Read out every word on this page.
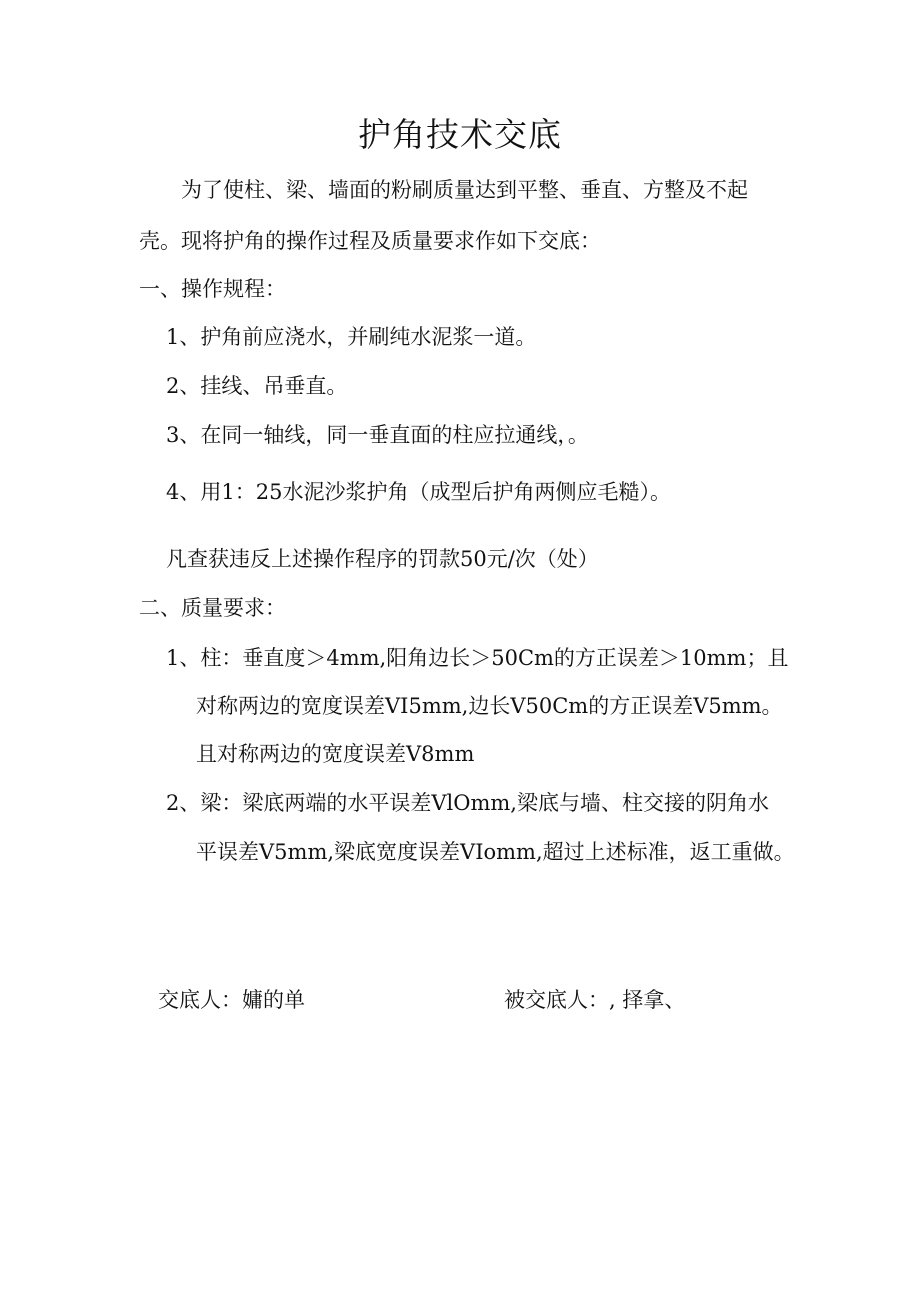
护角技术交底
为了使柱、梁、墙面的粉刷质量达到平整、垂直、方整及不起
壳。现将护角的操作过程及质量要求作如下交底：
一、操作规程：
1、护角前应浇水，并刷纯水泥浆一道。
2、挂线、吊垂直。
3、在同一轴线，同一垂直面的柱应拉通线，。
4、用1：25水泥沙浆护角（成型后护角两侧应毛糙）。
凡查获违反上述操作程序的罚款50元/次（处）
二、质量要求：
1、柱：垂直度＞4mm,阳角边长＞50Cm的方正误差＞10mm；且
对称两边的宽度误差VI5mm,边长V50Cm的方正误差V5mm。
且对称两边的宽度误差V8mm
2、梁：梁底两端的水平误差VlOmm,梁底与墙、柱交接的阴角水
平误差V5mm,梁底宽度误差VIomm,超过上述标准，返工重做。
交底人：嫞的单	被交底人：, 择拿、
